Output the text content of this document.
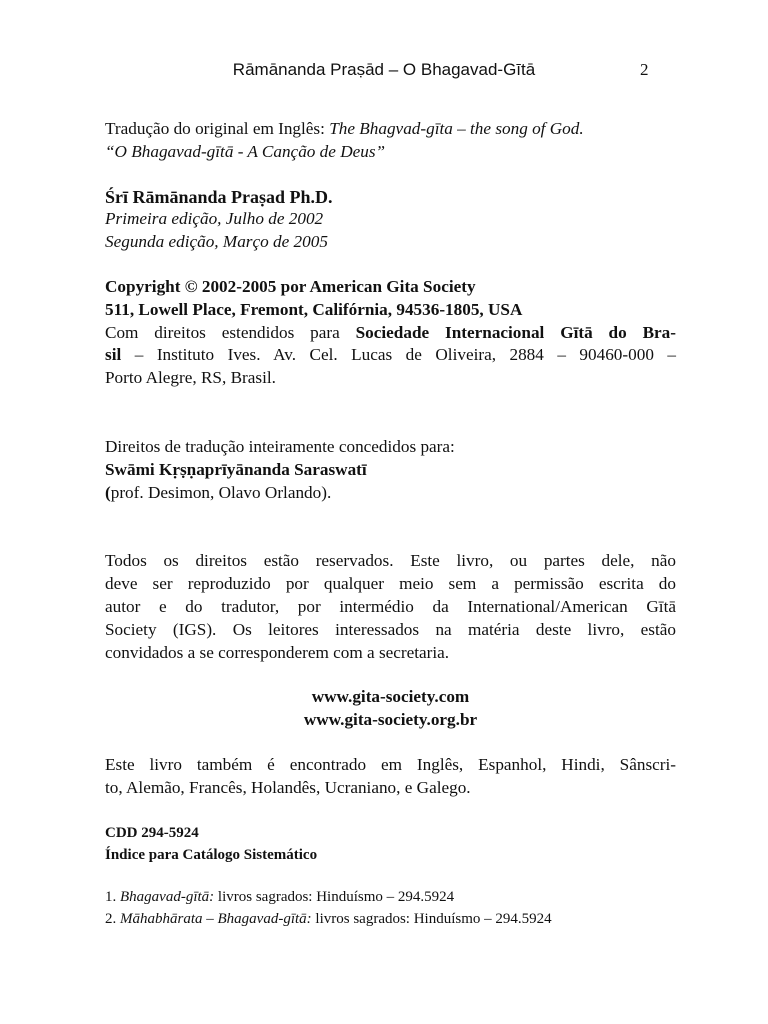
Rāmānanda Praṣād – O Bhagavad-Gītā	2
Tradução do original em Inglês: The Bhagvad-gīta – the song of God.
“O Bhagavad-gītā - A Canção de Deus”
Śrī Rāmānanda Praṣad Ph.D.
Primeira edição, Julho de 2002
Segunda edição, Março de 2005
Copyright © 2002-2005 por American Gita Society
511, Lowell Place, Fremont, Califórnia, 94536-1805, USA
Com direitos estendidos para Sociedade Internacional Gītā do Bra-
sil – Instituto Ives. Av. Cel. Lucas de Oliveira, 2884 – 90460-000 –
Porto Alegre, RS, Brasil.
Direitos de tradução inteiramente concedidos para:
Swāmi Kṛṣṇaprīyānanda Saraswatī
(prof. Desimon, Olavo Orlando).
Todos os direitos estão reservados. Este livro, ou partes dele, não
deve ser reproduzido por qualquer meio sem a permissão escrita do
autor e do tradutor, por intermédio da International/American Gītā
Society (IGS). Os leitores interessados na matéria deste livro, estão
convidados a se corresponderem com a secretaria.
www.gita-society.com
www.gita-society.org.br
Este livro também é encontrado em Inglês, Espanhol, Hindi, Sânscri-
to, Alemão, Francês, Holandês, Ucraniano, e Galego.
CDD 294-5924
Índice para Catálogo Sistemático
1. Bhagavad-gītā: livros sagrados: Hinduísmo – 294.5924
2. Māhabhārata – Bhagavad-gītā: livros sagrados: Hinduísmo – 294.5924
